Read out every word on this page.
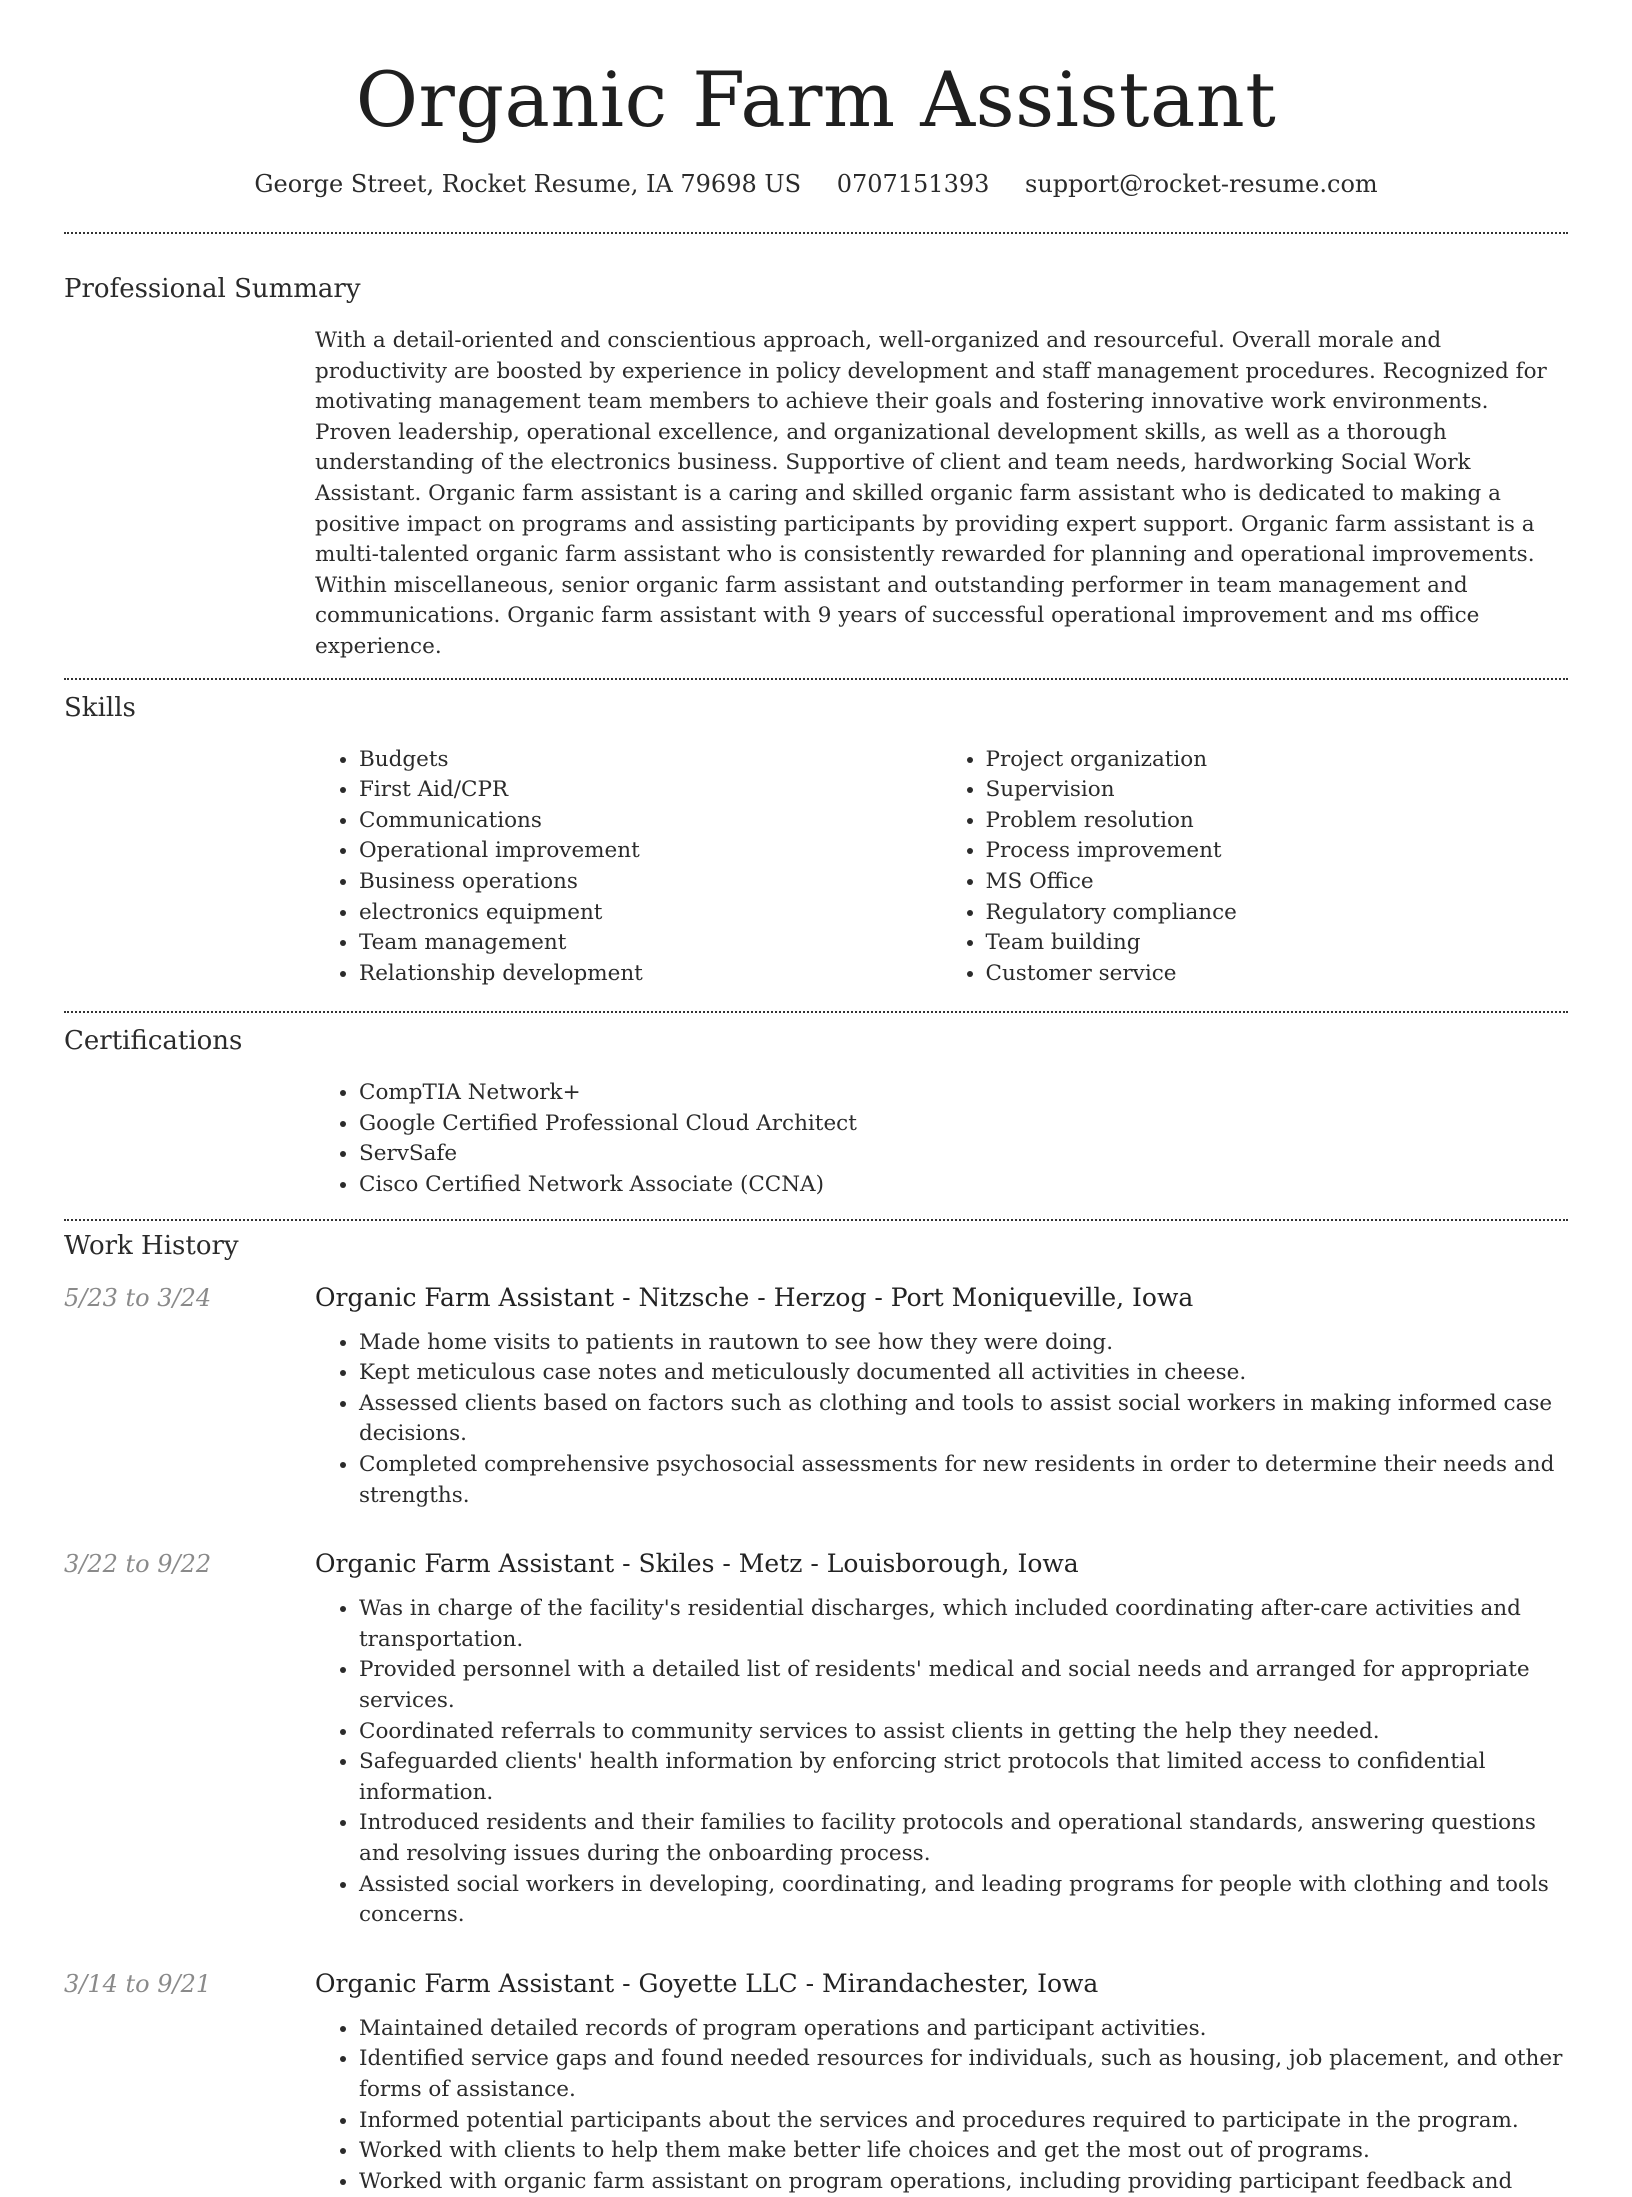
Organic Farm Assistant
George Street, Rocket Resume, IA 79698 US 0707151393 support@rocket-resume.com
Professional Summary
With a detail-oriented and conscientious approach, well-organized and resourceful. Overall morale and productivity are boosted by experience in policy development and staff management procedures. Recognized for motivating management team members to achieve their goals and fostering innovative work environments. Proven leadership, operational excellence, and organizational development skills, as well as a thorough understanding of the electronics business. Supportive of client and team needs, hardworking Social Work Assistant. Organic farm assistant is a caring and skilled organic farm assistant who is dedicated to making a positive impact on programs and assisting participants by providing expert support. Organic farm assistant is a multi-talented organic farm assistant who is consistently rewarded for planning and operational improvements. Within miscellaneous, senior organic farm assistant and outstanding performer in team management and communications. Organic farm assistant with 9 years of successful operational improvement and ms office experience.
Skills
• Budgets
• First Aid/CPR
• Communications
• Operational improvement
• Business operations
• electronics equipment
• Team management
• Relationship development
• Project organization
• Supervision
• Problem resolution
• Process improvement
• MS Office
• Regulatory compliance
• Team building
• Customer service
Certifications
• CompTIA Network+
• Google Certified Professional Cloud Architect
• ServSafe
• Cisco Certified Network Associate (CCNA)
Work History
5/23 to 3/24	Organic Farm Assistant - Nitzsche - Herzog - Port Moniqueville, Iowa
• Made home visits to patients in rautown to see how they were doing.
• Kept meticulous case notes and meticulously documented all activities in cheese.
• Assessed clients based on factors such as clothing and tools to assist social workers in making informed case decisions.
• Completed comprehensive psychosocial assessments for new residents in order to determine their needs and strengths.
3/22 to 9/22	Organic Farm Assistant - Skiles - Metz - Louisborough, Iowa
• Was in charge of the facility's residential discharges, which included coordinating after-care activities and transportation.
• Provided personnel with a detailed list of residents' medical and social needs and arranged for appropriate services.
• Coordinated referrals to community services to assist clients in getting the help they needed.
• Safeguarded clients' health information by enforcing strict protocols that limited access to confidential information.
• Introduced residents and their families to facility protocols and operational standards, answering questions and resolving issues during the onboarding process.
• Assisted social workers in developing, coordinating, and leading programs for people with clothing and tools concerns.
3/14 to 9/21	Organic Farm Assistant - Goyette LLC - Mirandachester, Iowa
• Maintained detailed records of program operations and participant activities.
• Identified service gaps and found needed resources for individuals, such as housing, job placement, and other forms of assistance.
• Informed potential participants about the services and procedures required to participate in the program.
• Worked with clients to help them make better life choices and get the most out of programs.
• Worked with organic farm assistant on program operations, including providing participant feedback and
